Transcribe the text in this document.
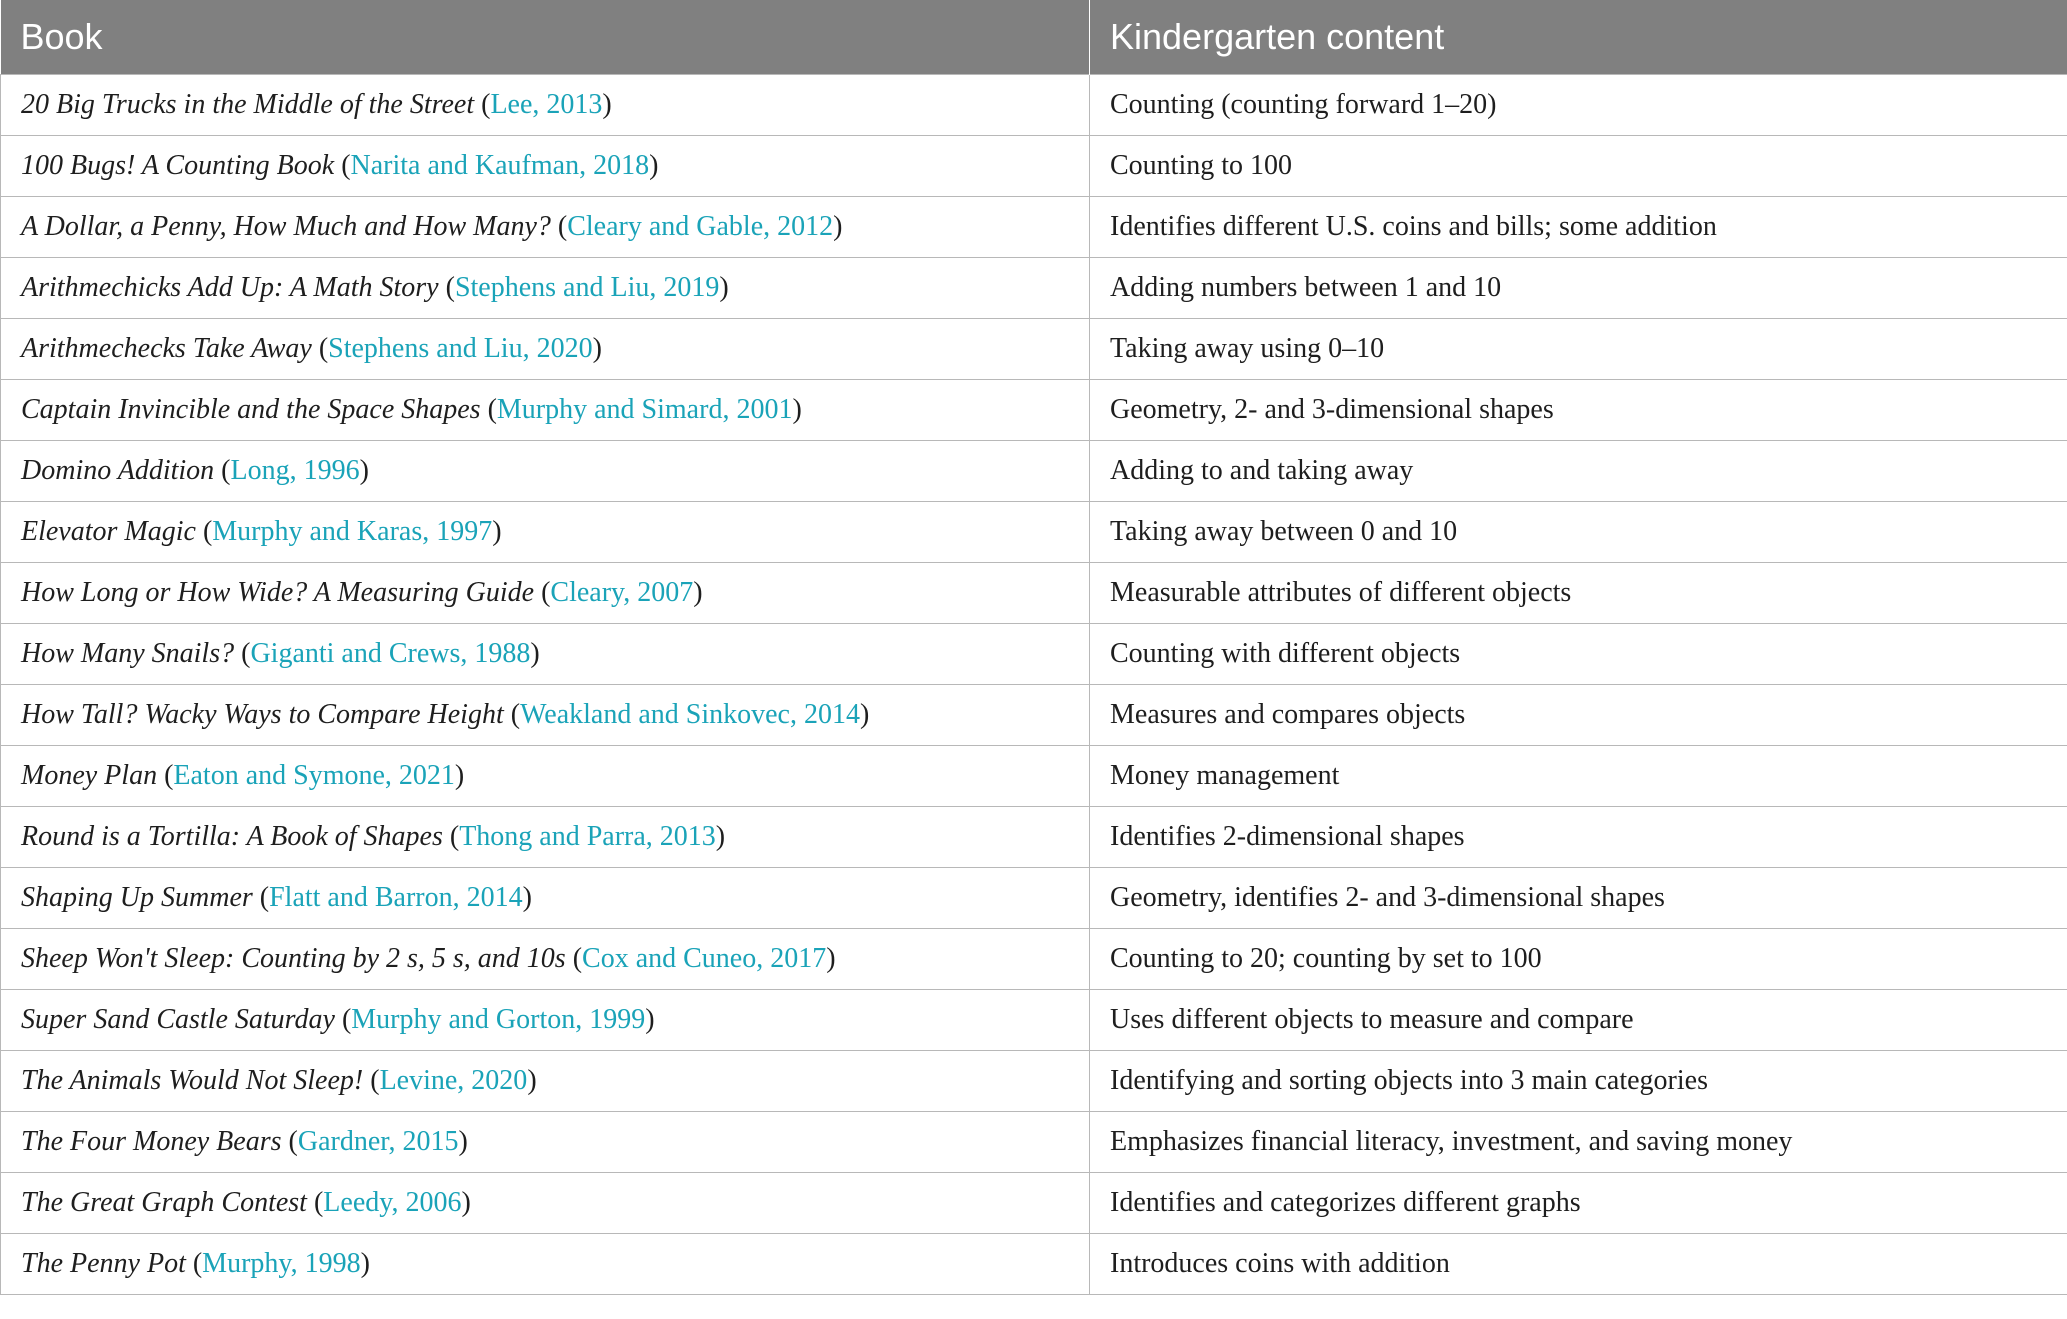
Book	Kindergarten content
20 Big Trucks in the Middle of the Street (Lee, 2013)	Counting (counting forward 1–20)
100 Bugs! A Counting Book (Narita and Kaufman, 2018)	Counting to 100
A Dollar, a Penny, How Much and How Many? (Cleary and Gable, 2012)	Identifies different U.S. coins and bills; some addition
Arithmechicks Add Up: A Math Story (Stephens and Liu, 2019)	Adding numbers between 1 and 10
Arithmechecks Take Away (Stephens and Liu, 2020)	Taking away using 0–10
Captain Invincible and the Space Shapes (Murphy and Simard, 2001)	Geometry, 2- and 3-dimensional shapes
Domino Addition (Long, 1996)	Adding to and taking away
Elevator Magic (Murphy and Karas, 1997)	Taking away between 0 and 10
How Long or How Wide? A Measuring Guide (Cleary, 2007)	Measurable attributes of different objects
How Many Snails? (Giganti and Crews, 1988)	Counting with different objects
How Tall? Wacky Ways to Compare Height (Weakland and Sinkovec, 2014)	Measures and compares objects
Money Plan (Eaton and Symone, 2021)	Money management
Round is a Tortilla: A Book of Shapes (Thong and Parra, 2013)	Identifies 2-dimensional shapes
Shaping Up Summer (Flatt and Barron, 2014)	Geometry, identifies 2- and 3-dimensional shapes
Sheep Won't Sleep: Counting by 2 s, 5 s, and 10s (Cox and Cuneo, 2017)	Counting to 20; counting by set to 100
Super Sand Castle Saturday (Murphy and Gorton, 1999)	Uses different objects to measure and compare
The Animals Would Not Sleep! (Levine, 2020)	Identifying and sorting objects into 3 main categories
The Four Money Bears (Gardner, 2015)	Emphasizes financial literacy, investment, and saving money
The Great Graph Contest (Leedy, 2006)	Identifies and categorizes different graphs
The Penny Pot (Murphy, 1998)	Introduces coins with addition
